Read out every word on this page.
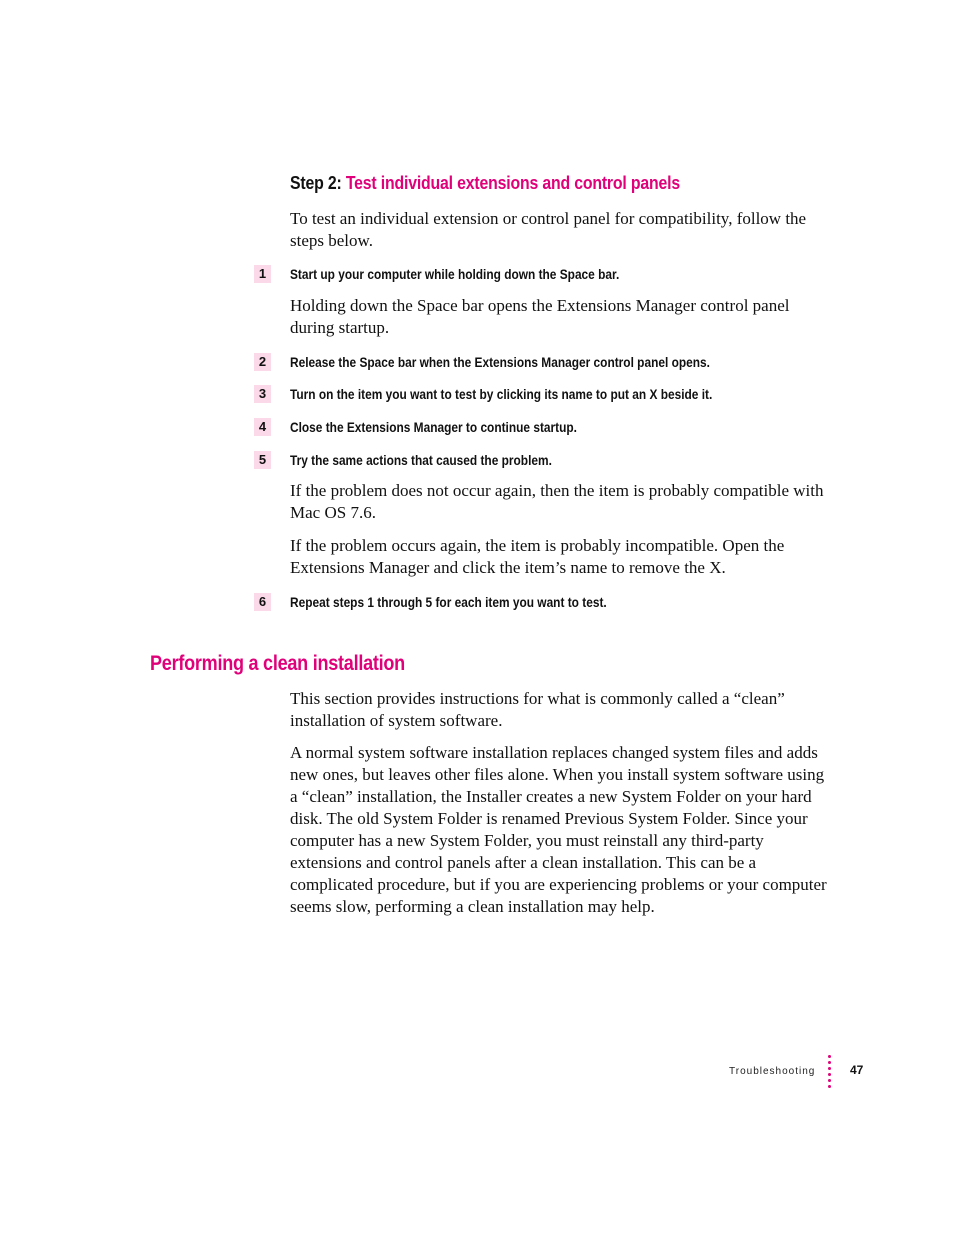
Step 2: Test individual extensions and control panels

To test an individual extension or control panel for compatibility, follow the steps below.

1	Start up your computer while holding down the Space bar.

Holding down the Space bar opens the Extensions Manager control panel during startup.

2	Release the Space bar when the Extensions Manager control panel opens.
3	Turn on the item you want to test by clicking its name to put an X beside it.
4	Close the Extensions Manager to continue startup.
5	Try the same actions that caused the problem.

If the problem does not occur again, then the item is probably compatible with Mac OS 7.6.

If the problem occurs again, the item is probably incompatible. Open the Extensions Manager and click the item’s name to remove the X.

6	Repeat steps 1 through 5 for each item you want to test.
Performing a clean installation

This section provides instructions for what is commonly called a “clean” installation of system software.

A normal system software installation replaces changed system files and adds new ones, but leaves other files alone. When you install system software using a “clean” installation, the Installer creates a new System Folder on your hard disk. The old System Folder is renamed Previous System Folder. Since your computer has a new System Folder, you must reinstall any third-party extensions and control panels after a clean installation. This can be a complicated procedure, but if you are experiencing problems or your computer seems slow, performing a clean installation may help.

Troubleshooting	47
